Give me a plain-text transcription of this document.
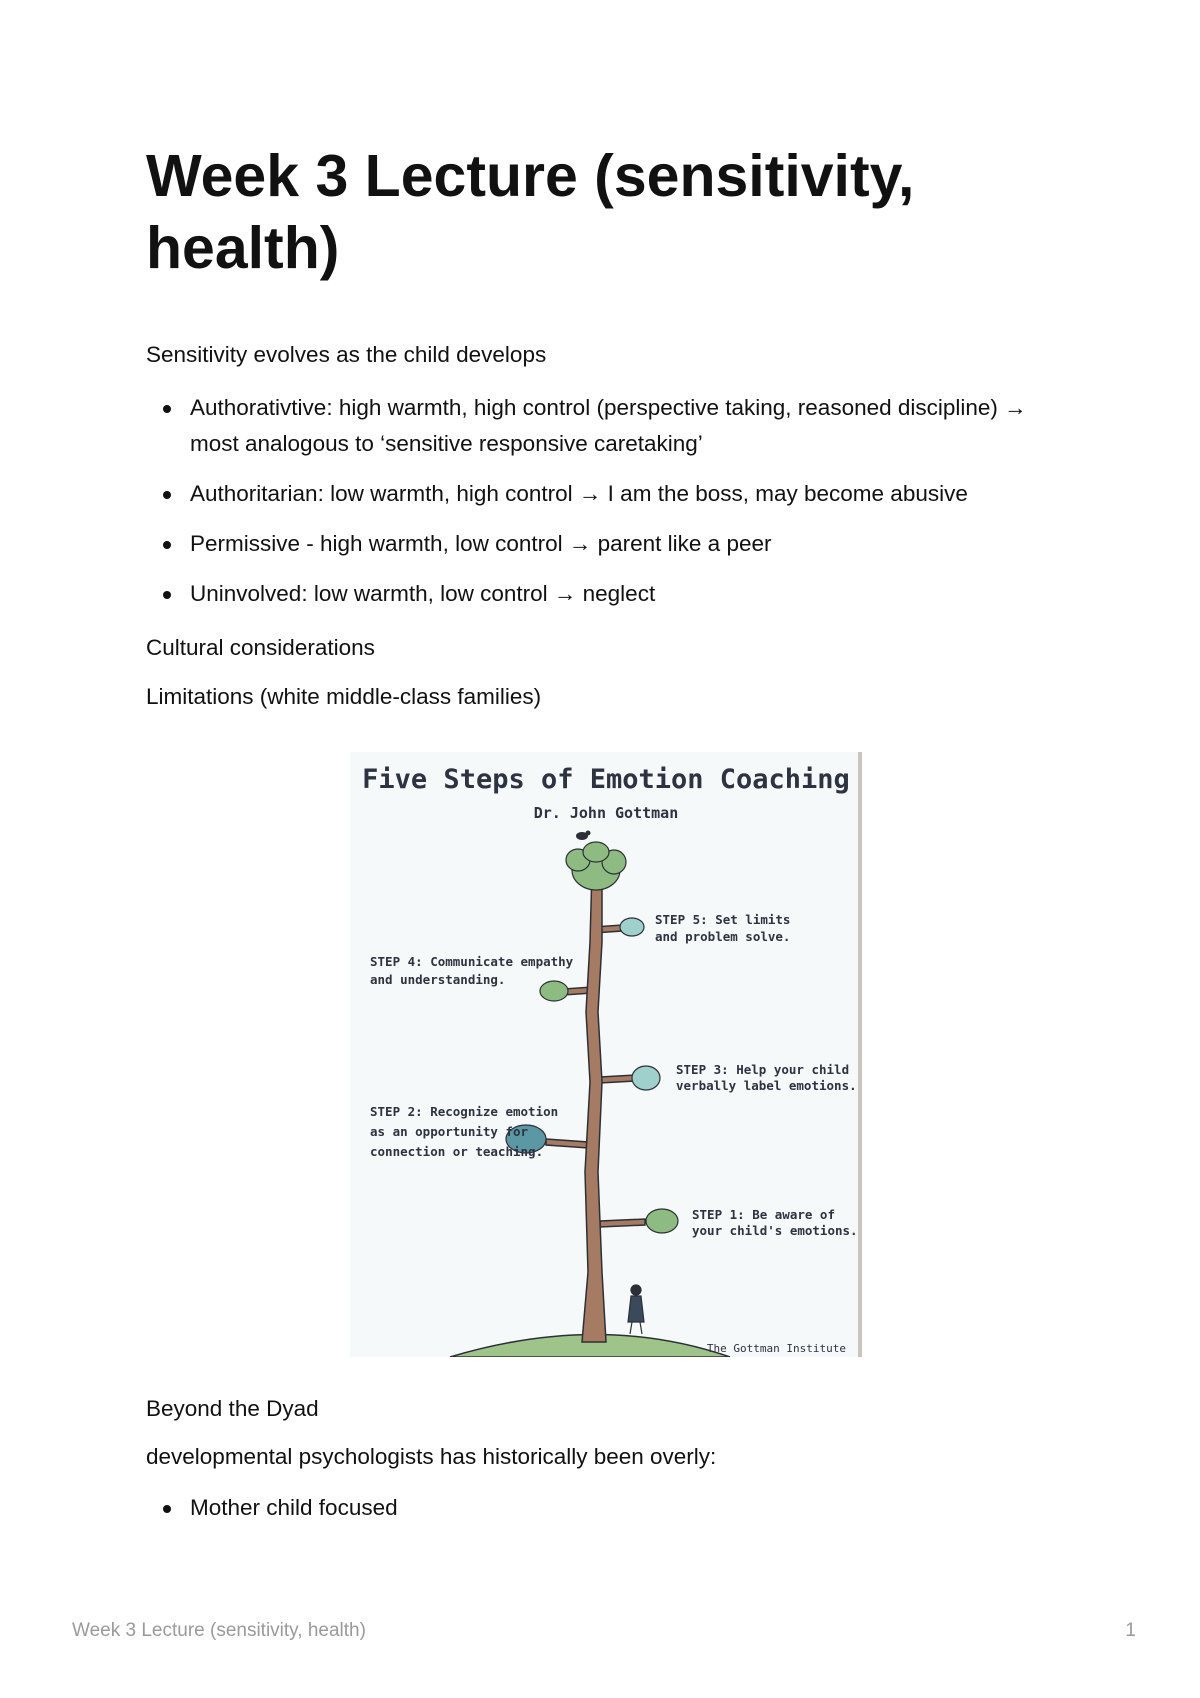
Week 3 Lecture (sensitivity, health)

Sensitivity evolves as the child develops

Authorativtive: high warmth, high control (perspective taking, reasoned discipline) → most analogous to ‘sensitive responsive caretaking’
Authoritarian: low warmth, high control → I am the boss, may become abusive
Permissive - high warmth, low control → parent like a peer
Uninvolved: low warmth, low control → neglect

Cultural considerations

Limitations (white middle-class families)

Five Steps of Emotion Coaching
Dr. John Gottman
STEP 5: Set limits
and problem solve.
STEP 4: Communicate empathy
and understanding.
STEP 3: Help your child
verbally label emotions.
STEP 2: Recognize emotion
as an opportunity for
connection or teaching.
STEP 1: Be aware of
your child's emotions.
The Gottman Institute

Beyond the Dyad

developmental psychologists has historically been overly:

Mother child focused
Week 3 Lecture (sensitivity, health)	1
